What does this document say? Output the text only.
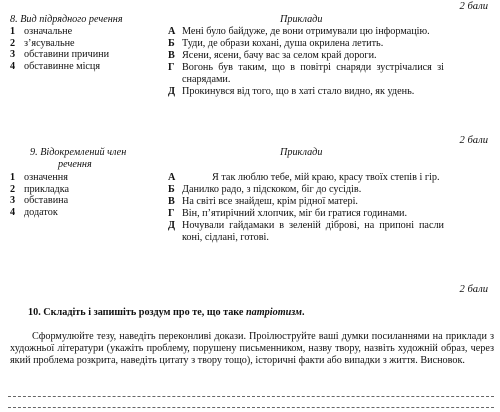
2 бали
8. Вид підрядного речення	Приклади
1 означальне
2 з’ясувальне
3 обставини причини
4 обставинне місця
А Мені було байдуже, де вони отримували цю інформацію.
Б Туди, де образи кохані, душа окрилена летить.
В Ясени, ясени, бачу вас за селом край дороги.
Г Вогонь був таким, що в повітрі снаряди зустрічалися зі снарядами.
Д Прокинувся від того, що в хаті стало видно, як удень.
2 бали
9. Відокремлений член
речення
Приклади
1 означення
2 прикладка
3 обставина
4 додаток
А	Я так люблю тебе, мій краю, красу твоїх степів і гір.
Б Данилко радо, з підскоком, біг до сусідів.
В На світі все знайдеш, крім рідної матері.
Г Він, п’ятирічний хлопчик, міг би гратися годинами.
Д Ночували гайдамаки в зеленій діброві, на припоні пасли коні, сідлані, готові.
2 бали
10. Складіть і запишіть роздум про те, що таке патріотизм.
Сформулюйте тезу, наведіть переконливі докази. Проілюструйте ваші думки посиланнями на приклади з художньої літератури (укажіть проблему, порушену письменником, назву твору, назвіть художній образ, через який проблема розкрита, наведіть цитату з твору тощо), історичні факти або випадки з життя. Висновок.
